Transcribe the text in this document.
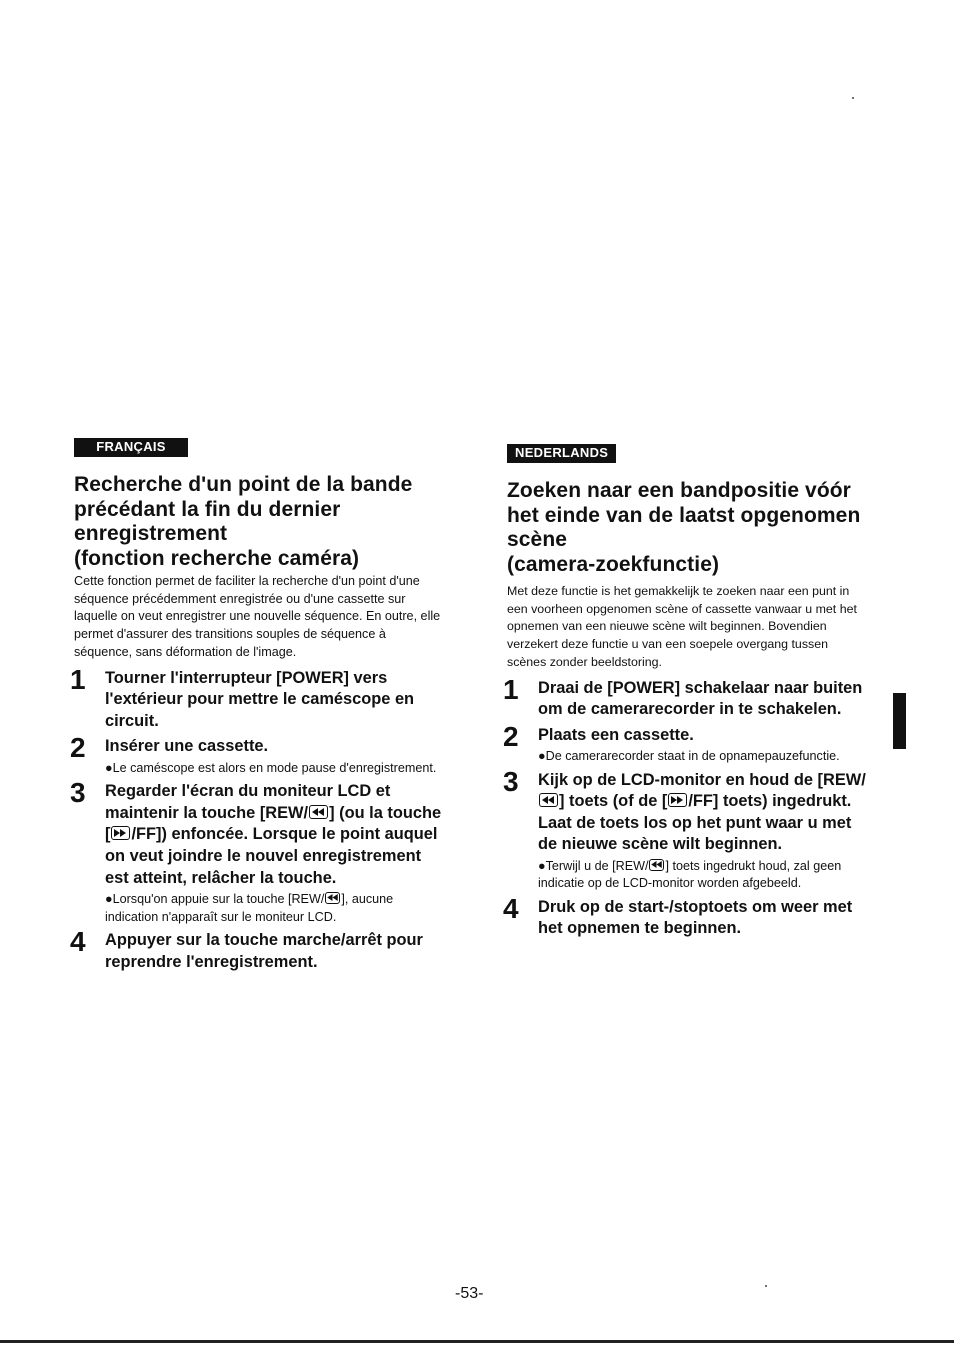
FRANÇAIS
Recherche d'un point de la bande
précédant la fin du dernier
enregistrement
(fonction recherche caméra)

Cette fonction permet de faciliter la recherche d'un point d'une séquence précédemment enregistrée ou d'une cassette sur laquelle on veut enregistrer une nouvelle séquence. En outre, elle permet d'assurer des transitions souples de séquence à séquence, sans déformation de l'image.

1 Tourner l'interrupteur [POWER] vers l'extérieur pour mettre le caméscope en circuit.
2 Insérer une cassette.
●Le caméscope est alors en mode pause d'enregistrement.
3 Regarder l'écran du moniteur LCD et maintenir la touche [REW/ ] (ou la touche [ /FF]) enfoncée. Lorsque le point auquel on veut joindre le nouvel enregistrement est atteint, relâcher la touche.
●Lorsqu'on appuie sur la touche [REW/ ], aucune indication n'apparaît sur le moniteur LCD.
4 Appuyer sur la touche marche/arrêt pour reprendre l'enregistrement.
NEDERLANDS
Zoeken naar een bandpositie vóór
het einde van de laatst opgenomen
scène
(camera-zoekfunctie)

Met deze functie is het gemakkelijk te zoeken naar een punt in een voorheen opgenomen scène of cassette vanwaar u met het opnemen van een nieuwe scène wilt beginnen. Bovendien verzekert deze functie u van een soepele overgang tussen scènes zonder beeldstoring.

1 Draai de [POWER] schakelaar naar buiten om de camerarecorder in te schakelen.
2 Plaats een cassette.
●De camerarecorder staat in de opnamepauzefunctie.
3 Kijk op de LCD-monitor en houd de [REW/
] toets (of de [ /FF] toets) ingedrukt. Laat de toets los op het punt waar u met de nieuwe scène wilt beginnen.
●Terwijl u de [REW/ ] toets ingedrukt houd, zal geen indicatie op de LCD-monitor worden afgebeeld.
4 Druk op de start-/stoptoets om weer met het opnemen te beginnen.
-53-
